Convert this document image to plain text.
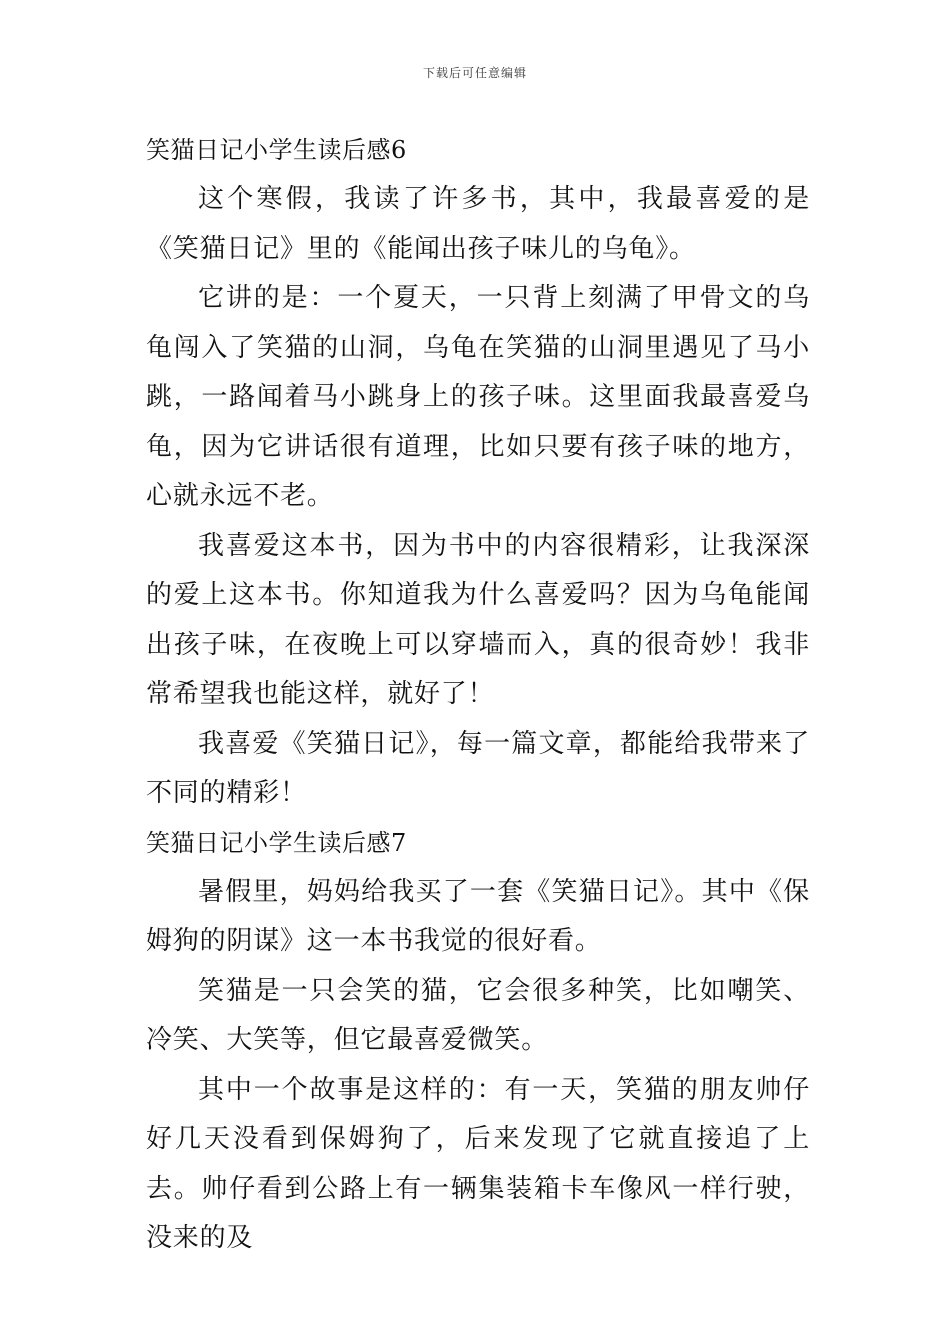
下载后可任意编辑
笑猫日记小学生读后感6

这个寒假，我读了许多书，其中，我最喜爱的是《笑猫日记》里的《能闻出孩子味儿的乌龟》。

它讲的是：一个夏天，一只背上刻满了甲骨文的乌龟闯入了笑猫的山洞，乌龟在笑猫的山洞里遇见了马小跳，一路闻着马小跳身上的孩子味。这里面我最喜爱乌龟，因为它讲话很有道理，比如只要有孩子味的地方，心就永远不老。

我喜爱这本书，因为书中的内容很精彩，让我深深的爱上这本书。你知道我为什么喜爱吗？因为乌龟能闻出孩子味，在夜晚上可以穿墙而入，真的很奇妙！我非常希望我也能这样，就好了！

我喜爱《笑猫日记》，每一篇文章，都能给我带来了不同的精彩！

笑猫日记小学生读后感7

暑假里，妈妈给我买了一套《笑猫日记》。其中《保姆狗的阴谋》这一本书我觉的很好看。

笑猫是一只会笑的猫，它会很多种笑，比如嘲笑、冷笑、大笑等，但它最喜爱微笑。

其中一个故事是这样的：有一天，笑猫的朋友帅仔好几天没看到保姆狗了，后来发现了它就直接追了上去。帅仔看到公路上有一辆集装箱卡车像风一样行驶，没来的及
